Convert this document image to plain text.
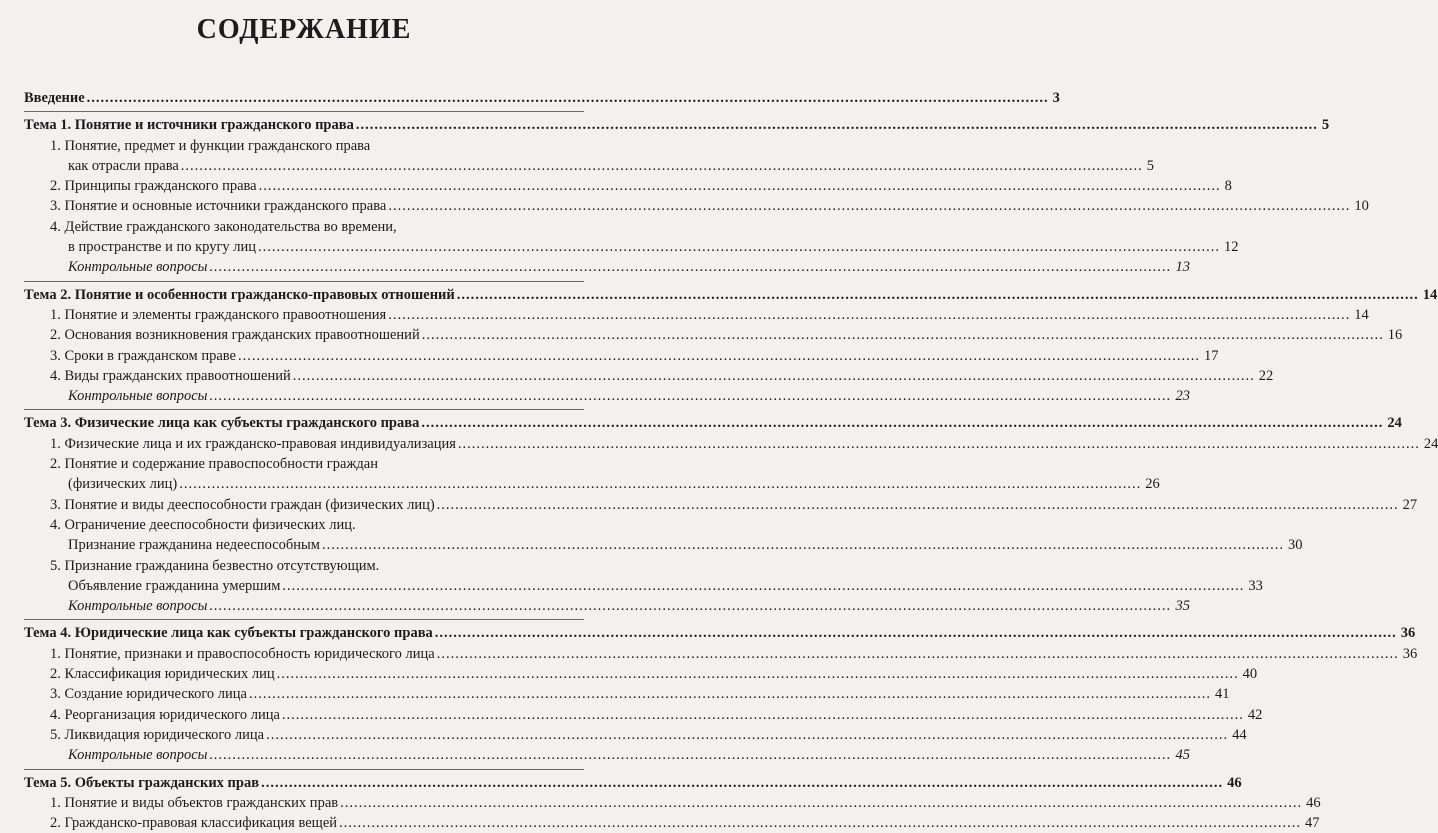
СОДЕРЖАНИЕ
Введение .....	3
Тема 1. Понятие и источники гражданского права .....	5
1. Понятие, предмет и функции гражданского права
как отрасли права .....	5
2. Принципы гражданского права .....	8
3. Понятие и основные источники гражданского права .....	10
4. Действие гражданского законодательства во времени,
в пространстве и по кругу лиц .....	12
Контрольные вопросы .....	13
Тема 2. Понятие и особенности гражданско-правовых отношений .....	14
1. Понятие и элементы гражданского правоотношения .....	14
2. Основания возникновения гражданских правоотношений .....	16
3. Сроки в гражданском праве .....	17
4. Виды гражданских правоотношений .....	22
Контрольные вопросы .....	23
Тема 3. Физические лица как субъекты гражданского права .....	24
1. Физические лица и их гражданско-правовая индивидуализация .....	24
2. Понятие и содержание правоспособности граждан
(физических лиц) .....	26
3. Понятие и виды дееспособности граждан (физических лиц) .....	27
4. Ограничение дееспособности физических лиц.
Признание гражданина недееспособным .....	30
5. Признание гражданина безвестно отсутствующим.
Объявление гражданина умершим .....	33
Контрольные вопросы .....	35
Тема 4. Юридические лица как субъекты гражданского права .....	36
1. Понятие, признаки и правоспособность юридического лица .....	36
2. Классификация юридических лиц .....	40
3. Создание юридического лица .....	41
4. Реорганизация юридического лица .....	42
5. Ликвидация юридического лица .....	44
Контрольные вопросы .....	45
Тема 5. Объекты гражданских прав .....	46
1. Понятие и виды объектов гражданских прав .....	46
2. Гражданско-правовая классификация вещей .....	47
